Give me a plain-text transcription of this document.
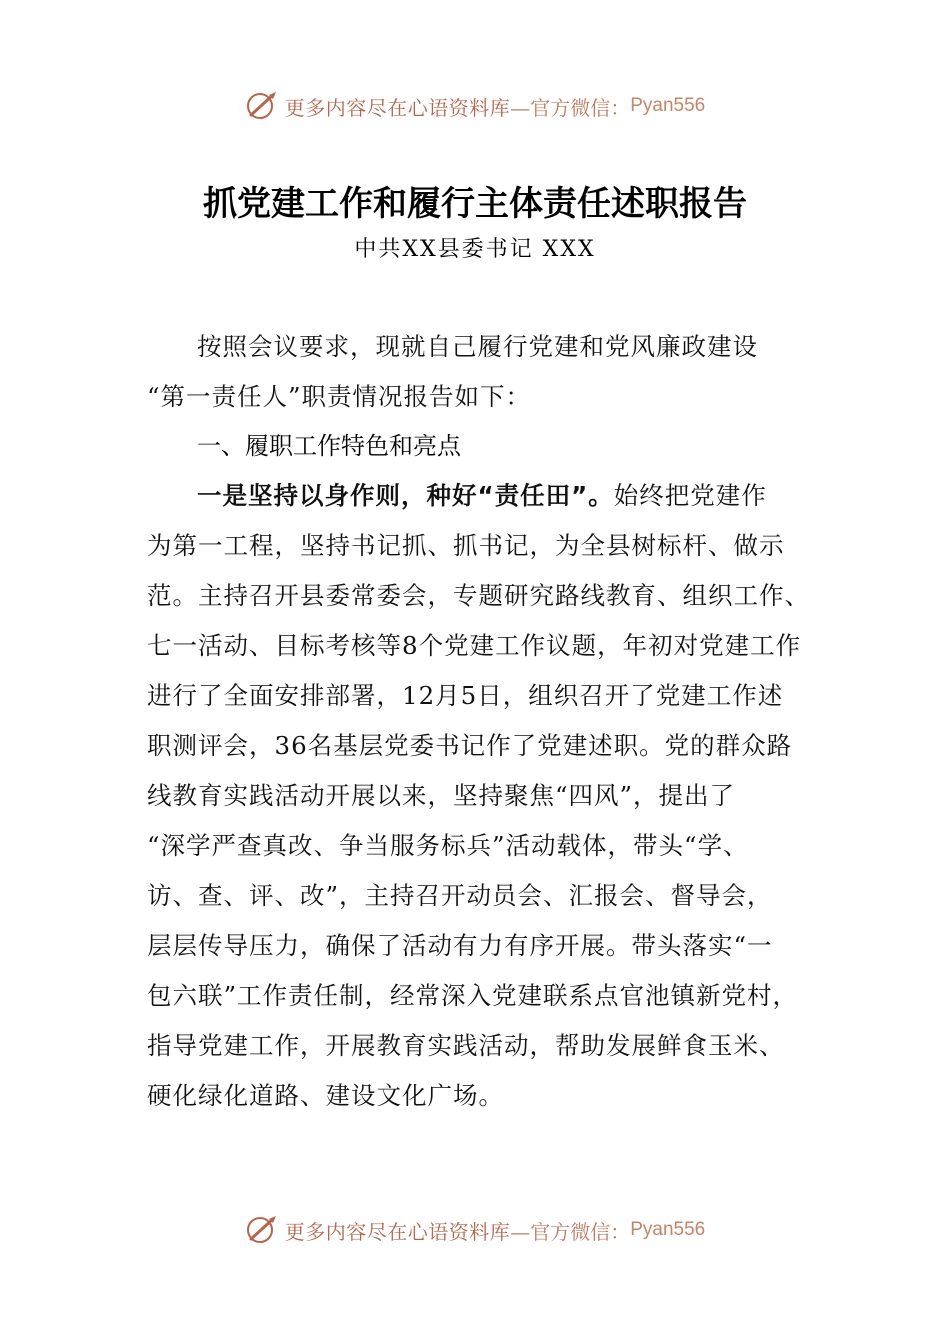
更多内容尽在心语资料库 —官方微信： Pyan556
抓党建工作和履行主体责任述职报告
中共XX县委书记 XXX
按照会议要求，现就自己履行党建和党风廉政建设
“第一责任人”职责情况报告如下：
一、履职工作特色和亮点
一是坚持以身作则，种好“责任田”。始终把党建作
为第一工程，坚持书记抓、抓书记，为全县树标杆、做示
范。主持召开县委常委会，专题研究路线教育、组织工作、
七一活动、目标考核等8个党建工作议题，年初对党建工作
进行了全面安排部署，12月5日，组织召开了党建工作述
职测评会，36名基层党委书记作了党建述职。党的群众路
线教育实践活动开展以来，坚持聚焦“四风”，提出了
“深学严查真改、争当服务标兵”活动载体，带头“学、
访、查、评、改”，主持召开动员会、汇报会、督导会，
层层传导压力，确保了活动有力有序开展。带头落实“一
包六联”工作责任制，经常深入党建联系点官池镇新党村，
指导党建工作，开展教育实践活动，帮助发展鲜食玉米、
硬化绿化道路、建设文化广场。
更多内容尽在心语资料库 —官方微信： Pyan556
